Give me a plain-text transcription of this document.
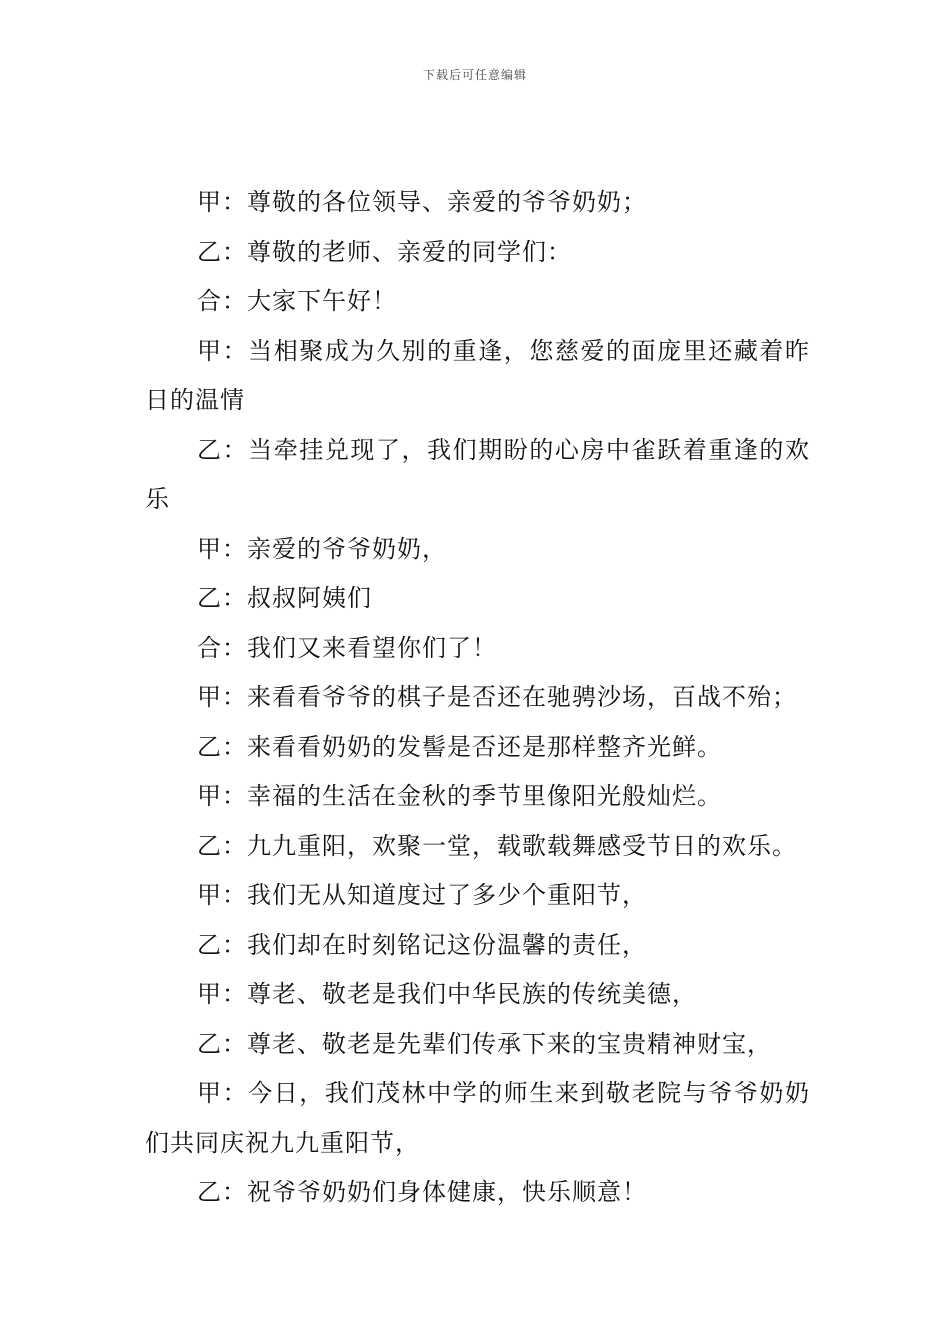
下载后可任意编辑

甲：尊敬的各位领导、亲爱的爷爷奶奶；

乙：尊敬的老师、亲爱的同学们：

合：大家下午好！

甲：当相聚成为久别的重逢，您慈爱的面庞里还藏着昨日的温情

乙：当牵挂兑现了，我们期盼的心房中雀跃着重逢的欢乐

甲：亲爱的爷爷奶奶，

乙：叔叔阿姨们

合：我们又来看望你们了！

甲：来看看爷爷的棋子是否还在驰骋沙场，百战不殆；

乙：来看看奶奶的发髻是否还是那样整齐光鲜。

甲：幸福的生活在金秋的季节里像阳光般灿烂。

乙：九九重阳，欢聚一堂，载歌载舞感受节日的欢乐。

甲：我们无从知道度过了多少个重阳节，

乙：我们却在时刻铭记这份温馨的责任，

甲：尊老、敬老是我们中华民族的传统美德，

乙：尊老、敬老是先辈们传承下来的宝贵精神财宝，

甲：今日，我们茂林中学的师生来到敬老院与爷爷奶奶们共同庆祝九九重阳节，

乙：祝爷爷奶奶们身体健康，快乐顺意！
